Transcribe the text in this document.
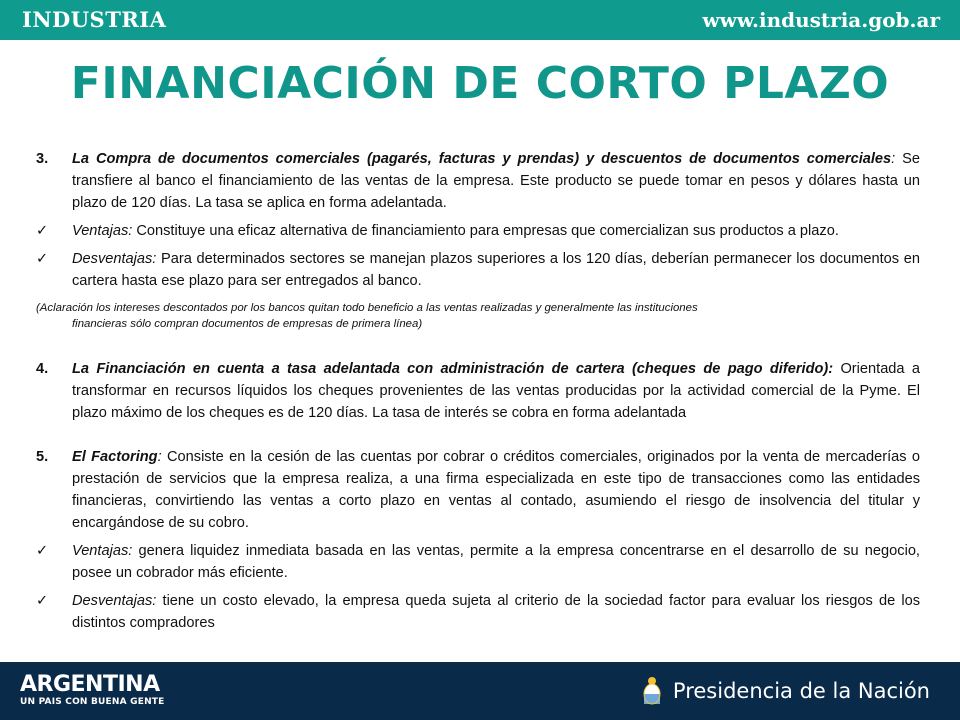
INDUSTRIA	www.industria.gob.ar
FINANCIACIÓN DE CORTO PLAZO
3. La Compra de documentos comerciales (pagarés, facturas y prendas) y descuentos de documentos comerciales: Se transfiere al banco el financiamiento de las ventas de la empresa. Este producto se puede tomar en pesos y dólares hasta un plazo de 120 días. La tasa se aplica en forma adelantada.
✓ Ventajas: Constituye una eficaz alternativa de financiamiento para empresas que comercializan sus productos a plazo.
✓ Desventajas: Para determinados sectores se manejan plazos superiores a los 120 días, deberían permanecer los documentos en cartera hasta ese plazo para ser entregados al banco.
(Aclaración los intereses descontados por los bancos quitan todo beneficio a las ventas realizadas y generalmente las instituciones
financieras sólo compran documentos de empresas de primera línea)
4. La Financiación en cuenta a tasa adelantada con administración de cartera (cheques de pago diferido): Orientada a transformar en recursos líquidos los cheques provenientes de las ventas producidas por la actividad comercial de la Pyme. El plazo máximo de los cheques es de 120 días. La tasa de interés se cobra en forma adelantada
5. El Factoring: Consiste en la cesión de las cuentas por cobrar o créditos comerciales, originados por la venta de mercaderías o prestación de servicios que la empresa realiza, a una firma especializada en este tipo de transacciones como las entidades financieras, convirtiendo las ventas a corto plazo en ventas al contado, asumiendo el riesgo de insolvencia del titular y encargándose de su cobro.
✓ Ventajas: genera liquidez inmediata basada en las ventas, permite a la empresa concentrarse en el desarrollo de su negocio, posee un cobrador más eficiente.
✓ Desventajas: tiene un costo elevado, la empresa queda sujeta al criterio de la sociedad factor para evaluar los riesgos de los distintos compradores
ARGENTINA
UN PAIS CON BUENA GENTE	Presidencia de la Nación
